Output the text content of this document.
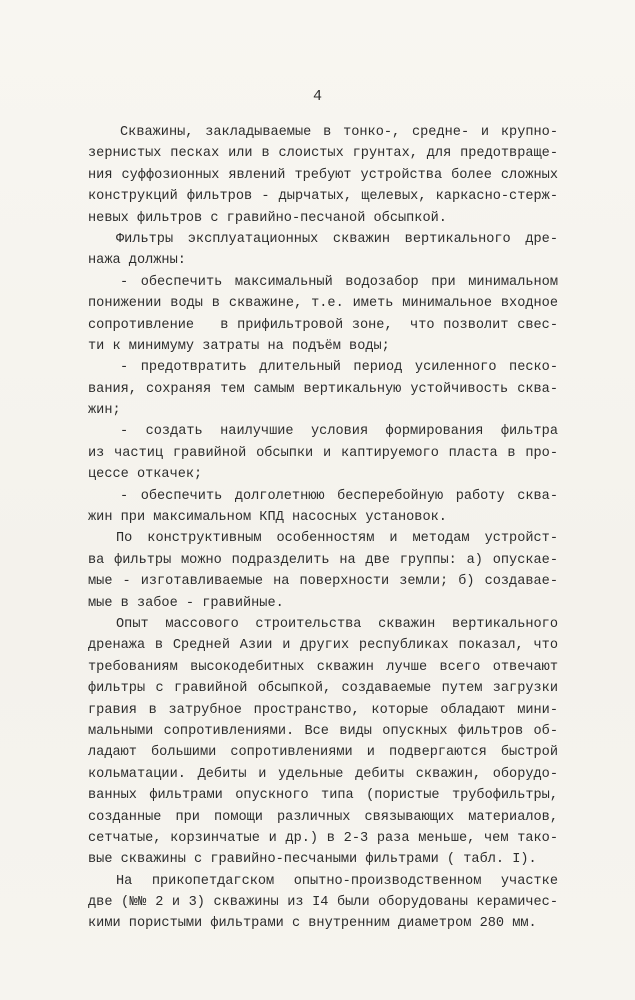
4
Скважины, закладываемые в тонко-, средне- и крупно-
зернистых песках или в слоистых грунтах, для предотвраще-
ния суффозионных явлений требуют устройства более сложных
конструкций фильтров - дырчатых, щелевых, каркасно-стерж-
невых фильтров с гравийно-песчаной обсыпкой.
Фильтры эксплуатационных скважин вертикального дре-
нажа должны:
- обеспечить максимальный водозабор при минимальном
понижении воды в скважине, т.е. иметь минимальное входное
сопротивление   в прифильтровой зоне,  что позволит свес-
ти к минимуму затраты на подъём воды;
- предотвратить длительный период усиленного песко-
вания, сохраняя тем самым вертикальную устойчивость сква-
жин;
- создать наилучшие условия формирования фильтра
из частиц гравийной обсыпки и каптируемого пласта в про-
цессе откачек;
- обеспечить долголетнюю бесперебойную работу сква-
жин при максимальном КПД насосных установок.
По конструктивным особенностям и методам устройст-
ва фильтры можно подразделить на две группы: а) опускае-
мые - изготавливаемые на поверхности земли; б) создавае-
мые в забое - гравийные.
Опыт массового строительства скважин вертикального
дренажа в Средней Азии и других республиках показал, что
требованиям высокодебитных скважин лучше всего отвечают
фильтры с гравийной обсыпкой, создаваемые путем загрузки
гравия в затрубное пространство, которые обладают мини-
мальными сопротивлениями. Все виды опускных фильтров об-
ладают большими сопротивлениями и подвергаются быстрой
кольматации. Дебиты и удельные дебиты скважин, оборудо-
ванных фильтрами опускного типа (пористые трубофильтры,
созданные при помощи различных связывающих материалов,
сетчатые, корзинчатые и др.) в 2-3 раза меньше, чем тако-
вые скважины с гравийно-песчаными фильтрами ( табл. I).
На прикопетдагском опытно-производственном участке
две (№№ 2 и 3) скважины из I4 были оборудованы керамичес-
кими пористыми фильтрами с внутренним диаметром 280 мм.
